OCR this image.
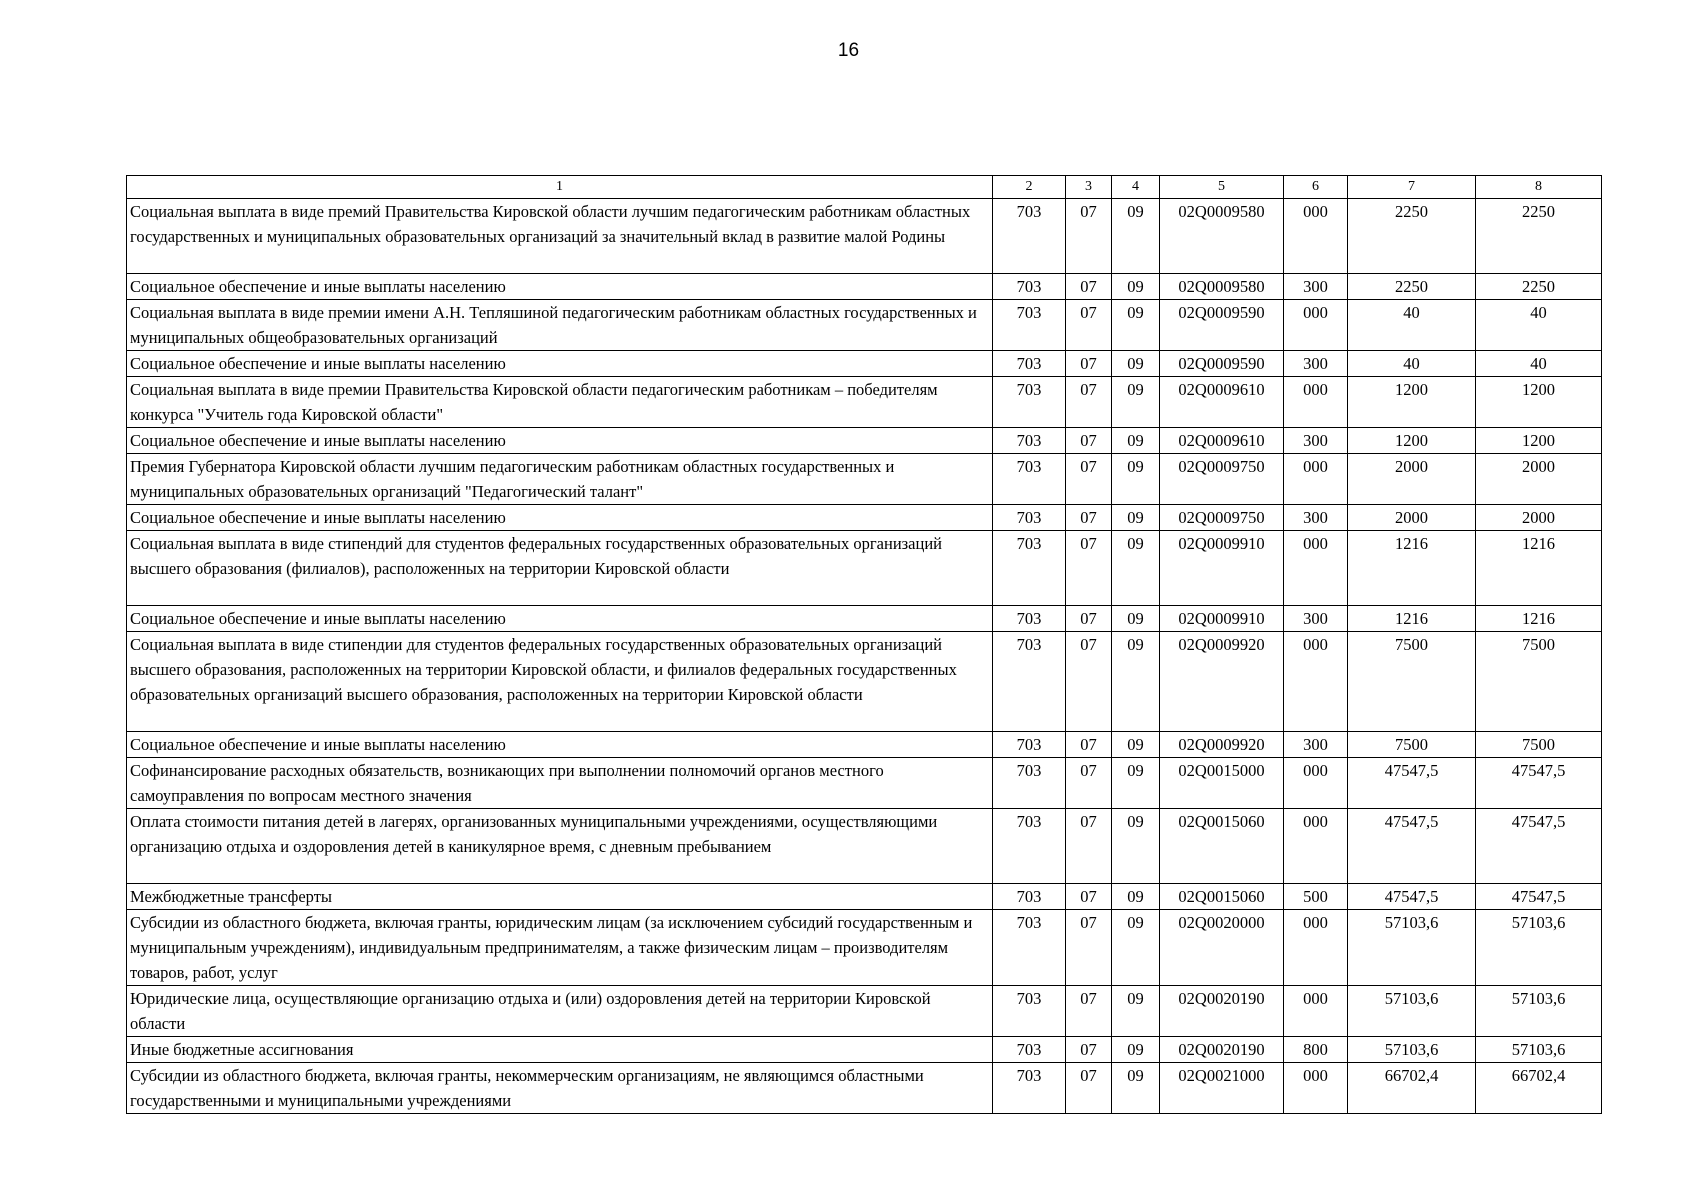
16
1	2	3	4	5	6	7	8
Социальная выплата в виде премий Правительства Кировской области лучшим педагогическим работникам областных государственных и муниципальных образовательных организаций за значительный вклад в развитие малой Родины	703	07	09	02Q0009580	000	2250	2250
Социальное обеспечение и иные выплаты населению	703	07	09	02Q0009580	300	2250	2250
Социальная выплата в виде премии имени А.Н. Тепляшиной педагогическим работникам областных государственных и муниципальных общеобразовательных организаций	703	07	09	02Q0009590	000	40	40
Социальное обеспечение и иные выплаты населению	703	07	09	02Q0009590	300	40	40
Социальная выплата в виде премии Правительства Кировской области педагогическим работникам – победителям конкурса "Учитель года Кировской области"	703	07	09	02Q0009610	000	1200	1200
Социальное обеспечение и иные выплаты населению	703	07	09	02Q0009610	300	1200	1200
Премия Губернатора Кировской области лучшим педагогическим работникам областных государственных и муниципальных образовательных организаций "Педагогический талант"	703	07	09	02Q0009750	000	2000	2000
Социальное обеспечение и иные выплаты населению	703	07	09	02Q0009750	300	2000	2000
Социальная выплата в виде стипендий для студентов федеральных государственных образовательных организаций высшего образования (филиалов), расположенных на территории Кировской области	703	07	09	02Q0009910	000	1216	1216
Социальное обеспечение и иные выплаты населению	703	07	09	02Q0009910	300	1216	1216
Социальная выплата в виде стипендии для студентов федеральных государственных образовательных организаций высшего образования, расположенных на территории Кировской области, и филиалов федеральных государственных образовательных организаций высшего образования, расположенных на территории Кировской области	703	07	09	02Q0009920	000	7500	7500
Социальное обеспечение и иные выплаты населению	703	07	09	02Q0009920	300	7500	7500
Софинансирование расходных обязательств, возникающих при выполнении полномочий органов местного самоуправления по вопросам местного значения	703	07	09	02Q0015000	000	47547,5	47547,5
Оплата стоимости питания детей в лагерях, организованных муниципальными учреждениями, осуществляющими организацию отдыха и оздоровления детей в каникулярное время, с дневным пребыванием	703	07	09	02Q0015060	000	47547,5	47547,5
Межбюджетные трансферты	703	07	09	02Q0015060	500	47547,5	47547,5
Субсидии из областного бюджета, включая гранты, юридическим лицам (за исключением субсидий государственным и муниципальным учреждениям), индивидуальным предпринимателям, а также физическим лицам – производителям товаров, работ, услуг	703	07	09	02Q0020000	000	57103,6	57103,6
Юридические лица, осуществляющие организацию отдыха и (или) оздоровления детей на территории Кировской области	703	07	09	02Q0020190	000	57103,6	57103,6
Иные бюджетные ассигнования	703	07	09	02Q0020190	800	57103,6	57103,6
Субсидии из областного бюджета, включая гранты, некоммерческим организациям, не являющимся областными государственными и муниципальными учреждениями	703	07	09	02Q0021000	000	66702,4	66702,4
